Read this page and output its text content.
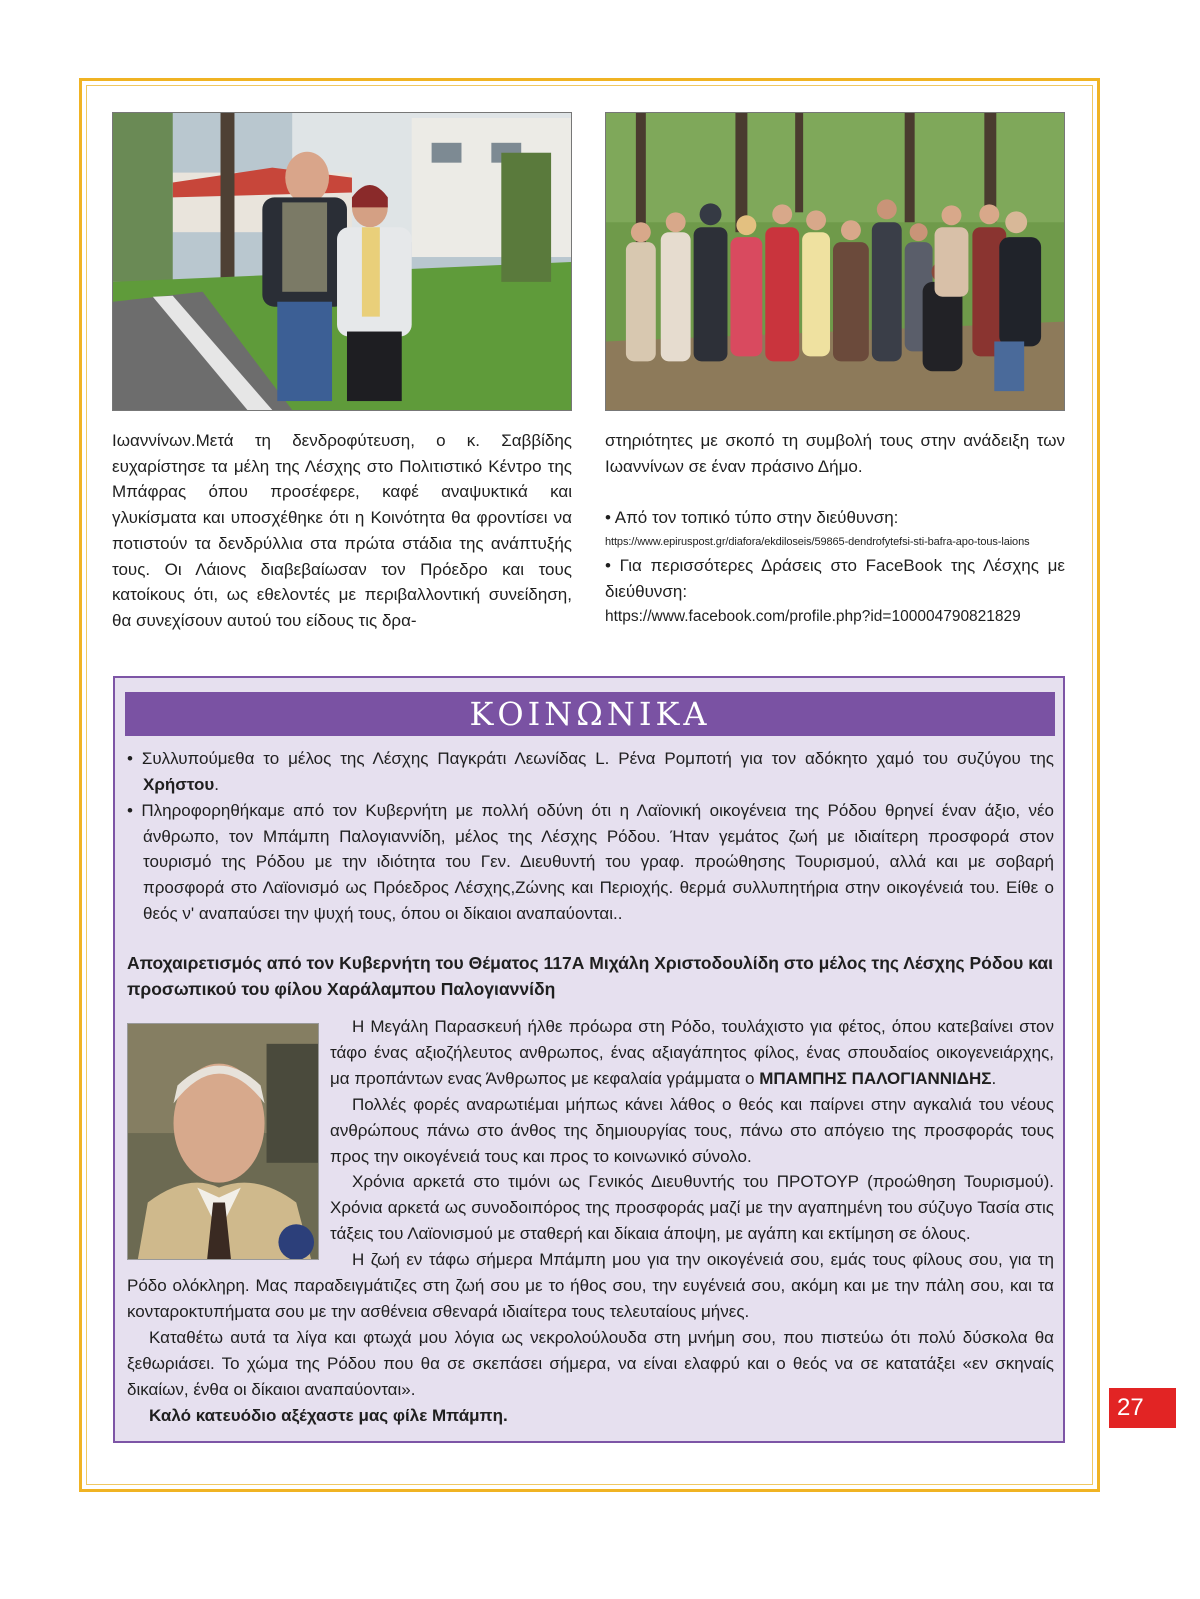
Ιωαννίνων.Μετά τη δενδροφύτευση, ο κ. Σαββίδης ευχαρίστησε τα μέλη της Λέσχης στο Πολιτιστικό Κέντρο της Μπάφρας όπου προσέφερε, καφέ αναψυκτικά και γλυκίσματα και υποσχέθηκε ότι η Κοινότητα θα φροντίσει να ποτιστούν τα δενδρύλλια στα πρώτα στάδια της ανάπτυξής τους. Οι Λάιονς διαβεβαίωσαν τον Πρόεδρο και τους κατοίκους ότι, ως εθελοντές με περιβαλλοντική συνείδηση, θα συνεχίσουν αυτού του είδους τις δρα-

στηριότητες με σκοπό τη συμβολή τους στην ανάδειξη των Ιωαννίνων σε έναν πράσινο Δήμο.

• Από τον τοπικό τύπο στην διεύθυνση:

https://www.epiruspost.gr/diafora/ekdiloseis/59865-dendrofytefsi-sti-bafra-apo-tous-laions

• Για περισσότερες Δράσεις στο FaceBook της Λέσχης με διεύθυνση:

https://www.facebook.com/profile.php?id=100004790821829

ΚΟΙΝΩΝΙΚΑ

• Συλλυπούμεθα το μέλος της Λέσχης Παγκράτι Λεωνίδας L. Ρένα Ρομποτή για τον αδόκητο χαμό του συζύγου της Χρήστου.

• Πληροφορηθήκαμε από τον Κυβερνήτη με πολλή οδύνη ότι η Λαϊονική οικογένεια της Ρόδου θρηνεί έναν άξιο, νέο άνθρωπο, τον Μπάμπη Παλογιαννίδη, μέλος της Λέσχης Ρόδου. Ήταν γεμάτος ζωή με ιδιαίτερη προσφορά στον τουρισμό της Ρόδου με την ιδιότητα του Γεν. Διευθυντή του γραφ. προώθησης Τουρισμού, αλλά και με σοβαρή προσφορά στο Λαϊονισμό ως Πρόεδρος Λέσχης,Ζώνης και Περιοχής. θερμά συλλυπητήρια στην οικογένειά του. Είθε ο θεός ν' αναπαύσει την ψυχή τους, όπου οι δίκαιοι αναπαύονται..

Αποχαιρετισμός από τον Κυβερνήτη του Θέματος 117Α Μιχάλη Χριστοδουλίδη στο μέλος της Λέσχης Ρόδου και προσωπικού του φίλου Χαράλαμπου Παλογιαννίδη

Η Μεγάλη Παρασκευή ήλθε πρόωρα στη Ρόδο, τουλάχιστο για φέτος, όπου κατεβαίνει στον τάφο ένας αξιοζήλευτος ανθρωπος, ένας αξιαγάπητος φίλος, ένας σπουδαίος οικογενειάρχης, μα προπάντων ενας Άνθρωπος με κεφαλαία γράμματα ο ΜΠΑΜΠΗΣ ΠΑΛΟΓΙΑΝΝΙΔΗΣ.

Πολλές φορές αναρωτιέμαι μήπως κάνει λάθος ο θεός και παίρνει στην αγκαλιά του νέους ανθρώπους πάνω στο άνθος της δημιουργίας τους, πάνω στο απόγειο της προσφοράς τους προς την οικογένειά τους και προς το κοινωνικό σύνολο.

Χρόνια αρκετά στο τιμόνι ως Γενικός Διευθυντής του ΠΡΟΤΟΥΡ (προώθηση Τουρισμού). Χρόνια αρκετά ως συνοδοιπόρος της προσφοράς μαζί με την αγαπημένη του σύζυγο Τασία στις τάξεις του Λαϊονισμού με σταθερή και δίκαια άποψη, με αγάπη και εκτίμηση σε όλους.

Η ζωή εν τάφω σήμερα Μπάμπη μου για την οικογένειά σου, εμάς τους φίλους σου, για τη Ρόδο ολόκληρη. Μας παραδειγμάτιζες στη ζωή σου με το ήθος σου, την ευγένειά σου, ακόμη και με την πάλη σου, και τα κονταροκτυπήματα σου με την ασθένεια σθεναρά ιδιαίτερα τους τελευταίους μήνες.

Καταθέτω αυτά τα λίγα και φτωχά μου λόγια ως νεκρολούλουδα στη μνήμη σου, που πιστεύω ότι πολύ δύσκολα θα ξεθωριάσει. Το χώμα της Ρόδου που θα σε σκεπάσει σήμερα, να είναι ελαφρύ και ο θεός να σε κατατάξει «εν σκηναίς δικαίων, ένθα οι δίκαιοι αναπαύονται».

Καλό κατευόδιο αξέχαστε μας φίλε Μπάμπη.	27
